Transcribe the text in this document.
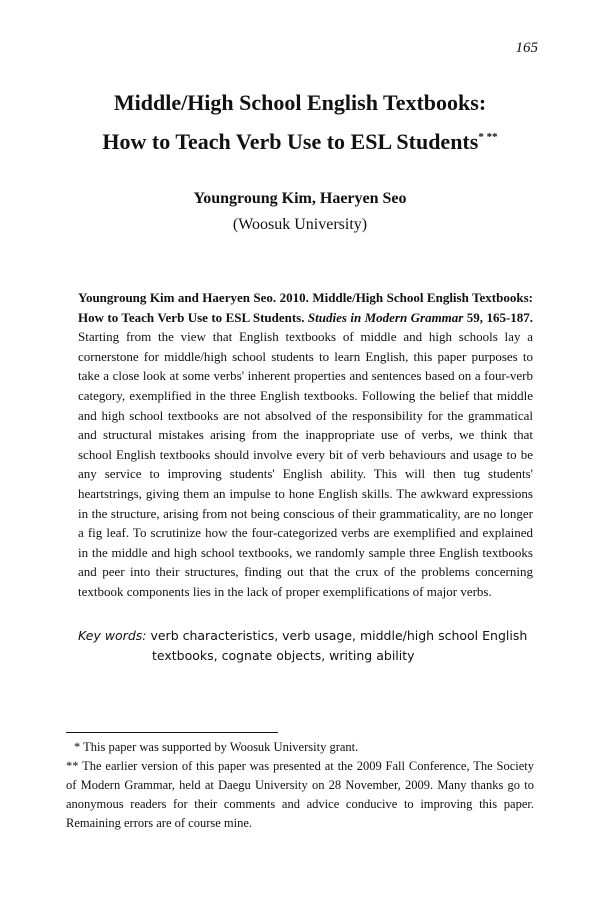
165
Middle/High School English Textbooks:
How to Teach Verb Use to ESL Students* **
Youngroung Kim, Haeryen Seo
(Woosuk University)
Youngroung Kim and Haeryen Seo. 2010. Middle/High School English Textbooks: How to Teach Verb Use to ESL Students. Studies in Modern Grammar 59, 165-187. Starting from the view that English textbooks of middle and high schools lay a cornerstone for middle/high school students to learn English, this paper purposes to take a close look at some verbs' inherent properties and sentences based on a four-verb category, exemplified in the three English textbooks. Following the belief that middle and high school textbooks are not absolved of the responsibility for the grammatical and structural mistakes arising from the inappropriate use of verbs, we think that school English textbooks should involve every bit of verb behaviours and usage to be any service to improving students' English ability. This will then tug students' heartstrings, giving them an impulse to hone English skills. The awkward expressions in the structure, arising from not being conscious of their grammaticality, are no longer a fig leaf. To scrutinize how the four-categorized verbs are exemplified and explained in the middle and high school textbooks, we randomly sample three English textbooks and peer into their structures, finding out that the crux of the problems concerning textbook components lies in the lack of proper exemplifications of major verbs.
Key words: verb characteristics, verb usage, middle/high school English
textbooks, cognate objects, writing ability

* This paper was supported by Woosuk University grant.

** The earlier version of this paper was presented at the 2009 Fall Conference, The Society of Modern Grammar, held at Daegu University on 28 November, 2009. Many thanks go to anonymous readers for their comments and advice conducive to improving this paper. Remaining errors are of course mine.
